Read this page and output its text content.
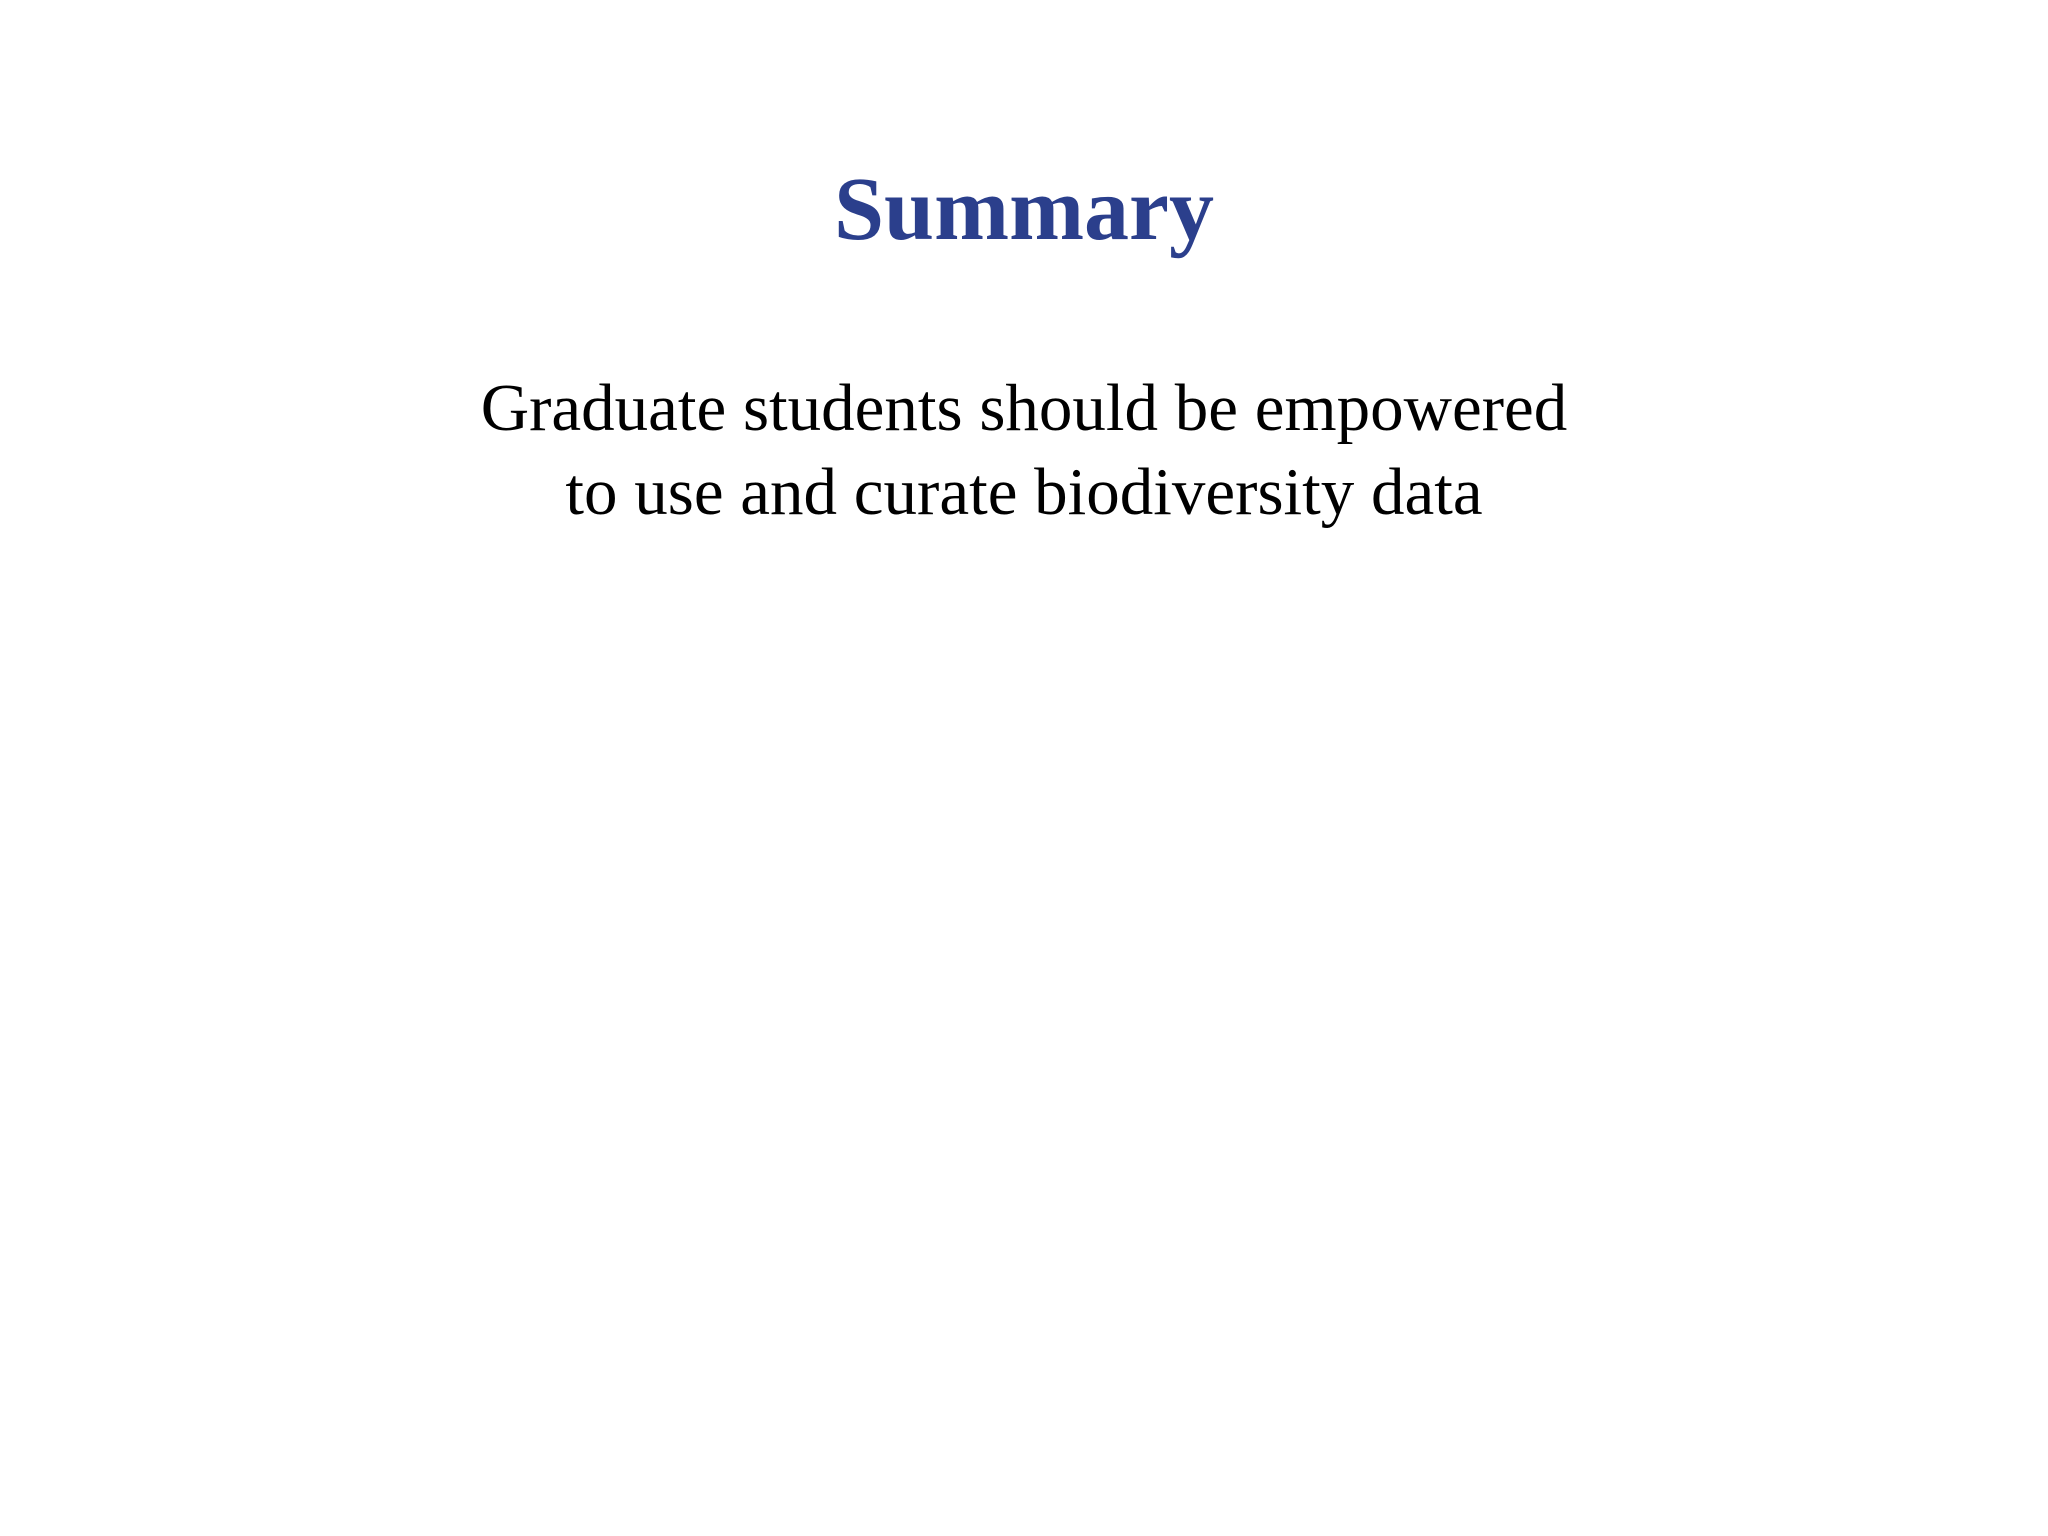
Summary

Graduate students should be empowered
to use and curate biodiversity data
